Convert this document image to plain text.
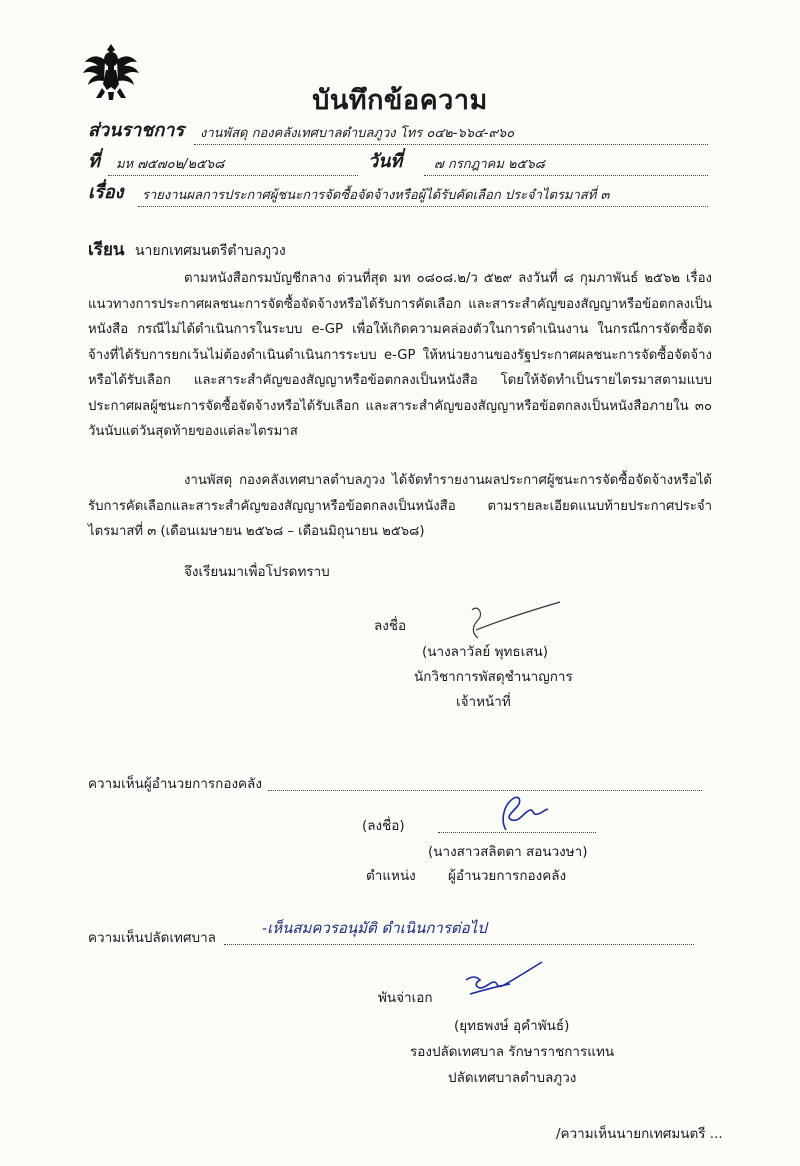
บันทึกข้อความ
ส่วนราชการ งานพัสดุ กองคลังเทศบาลตำบลภูวง โทร ๐๔๒-๖๖๔-๙๖๐
ที่ มห ๗๕๗๐๒/๒๕๖๘	วันที่ ๗ กรกฎาคม ๒๕๖๘
เรื่อง รายงานผลการประกาศผู้ชนะการจัดซื้อจัดจ้างหรือผู้ได้รับคัดเลือก ประจำไตรมาสที่ ๓
เรียน นายกเทศมนตรีตำบลภูวง
ตามหนังสือกรมบัญชีกลาง ด่วนที่สุด มท ๐๘๐๘.๒/ว ๕๒๙ ลงวันที่ ๘ กุมภาพันธ์ ๒๕๖๒ เรื่องแนวทางการประกาศผลชนะการจัดซื้อจัดจ้างหรือได้รับการคัดเลือก และสาระสำคัญของสัญญาหรือข้อตกลงเป็นหนังสือ กรณีไม่ได้ดำเนินการในระบบ e-GP เพื่อให้เกิดความคล่องตัวในการดำเนินงาน ในกรณีการจัดซื้อจัดจ้างที่ได้รับการยกเว้นไม่ต้องดำเนินดำเนินการระบบ e-GP ให้หน่วยงานของรัฐประกาศผลชนะการจัดซื้อจัดจ้างหรือได้รับเลือก และสาระสำคัญของสัญญาหรือข้อตกลงเป็นหนังสือ โดยให้จัดทำเป็นรายไตรมาสตามแบบประกาศผลผู้ชนะการจัดซื้อจัดจ้างหรือได้รับเลือก และสาระสำคัญของสัญญาหรือข้อตกลงเป็นหนังสือภายใน ๓๐ วันนับแต่วันสุดท้ายของแต่ละไตรมาส
งานพัสดุ กองคลังเทศบาลตำบลภูวง ได้จัดทำรายงานผลประกาศผู้ชนะการจัดซื้อจัดจ้างหรือได้รับการคัดเลือกและสาระสำคัญของสัญญาหรือข้อตกลงเป็นหนังสือ ตามรายละเอียดแนบท้ายประกาศประจำไตรมาสที่ ๓ (เดือนเมษายน ๒๕๖๘ – เดือนมิถุนายน ๒๕๖๘)
จึงเรียนมาเพื่อโปรดทราบ
ลงชื่อ
(นางลาวัลย์ พุทธเสน)
นักวิชาการพัสดุชำนาญการ
เจ้าหน้าที่
ความเห็นผู้อำนวยการกองคลัง
(ลงชื่อ)
(นางสาวสลิตตา สอนวงษา)
ตำแหน่ง ผู้อำนวยการกองคลัง
ความเห็นปลัดเทศบาล
-เห็นสมควรอนุมัติ ดำเนินการต่อไป
พันจ่าเอก
(ยุทธพงษ์ อุคำพันธ์)
รองปลัดเทศบาล รักษาราชการแทน
ปลัดเทศบาลตำบลภูวง
/ความเห็นนายกเทศมนตรี ...
